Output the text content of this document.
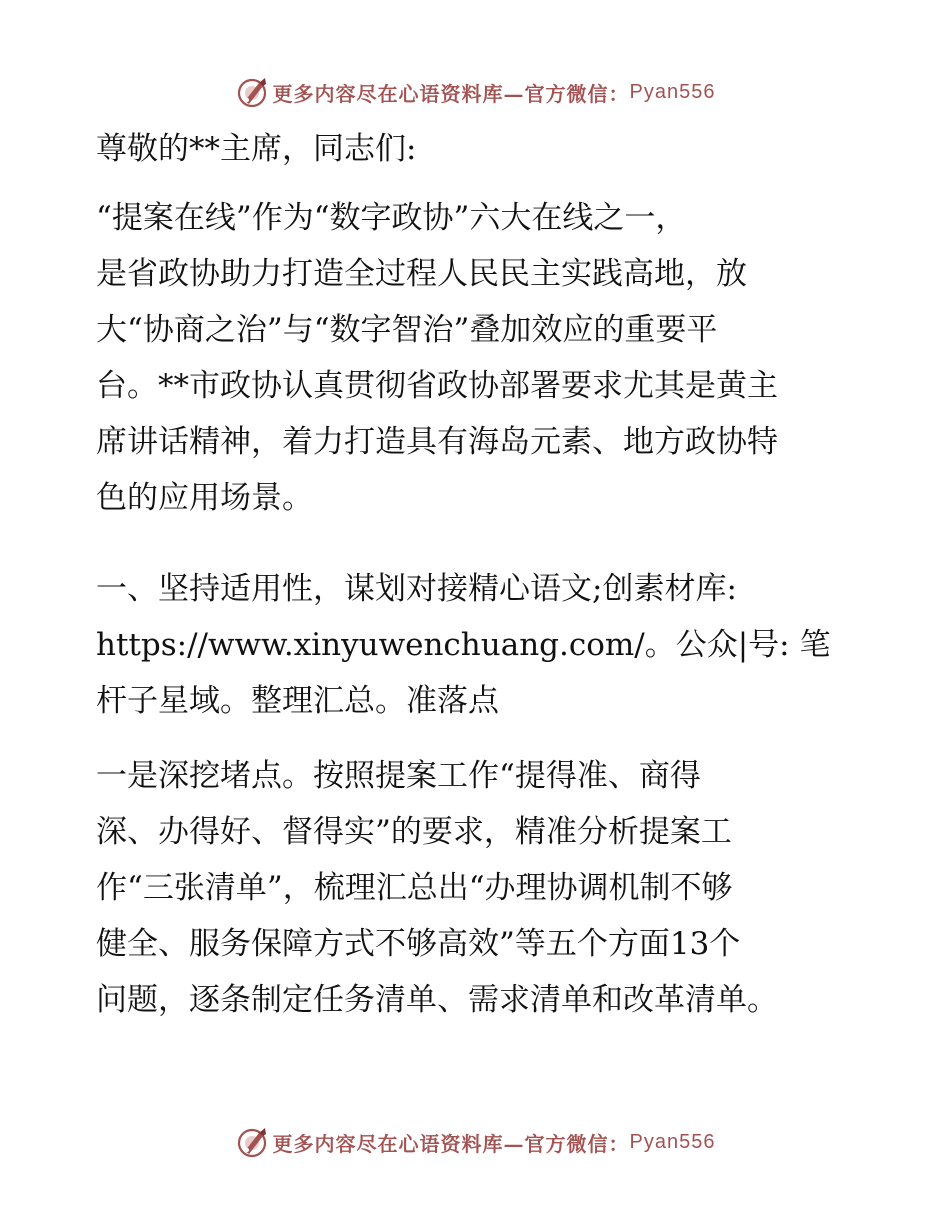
更多内容尽在心语资料库—官方微信： Pyan556
尊敬的**主席，同志们:
“提案在线”作为“数字政协”六大在线之一，
是省政协助力打造全过程人民民主实践高地，放
大“协商之治”与“数字智治”叠加效应的重要平
台。**市政协认真贯彻省政协部署要求尤其是黄主
席讲话精神，着力打造具有海岛元素、地方政协特
色的应用场景。
一、坚持适用性，谋划对接精心语文;创素材库:
https://www.xinyuwenchuang.com/。公众|号: 笔
杆子星域。整理汇总。准落点
一是深挖堵点。按照提案工作“提得准、商得
深、办得好、督得实”的要求，精准分析提案工
作“三张清单”，梳理汇总出“办理协调机制不够
健全、服务保障方式不够高效”等五个方面13个
问题，逐条制定任务清单、需求清单和改革清单。
更多内容尽在心语资料库—官方微信： Pyan556
